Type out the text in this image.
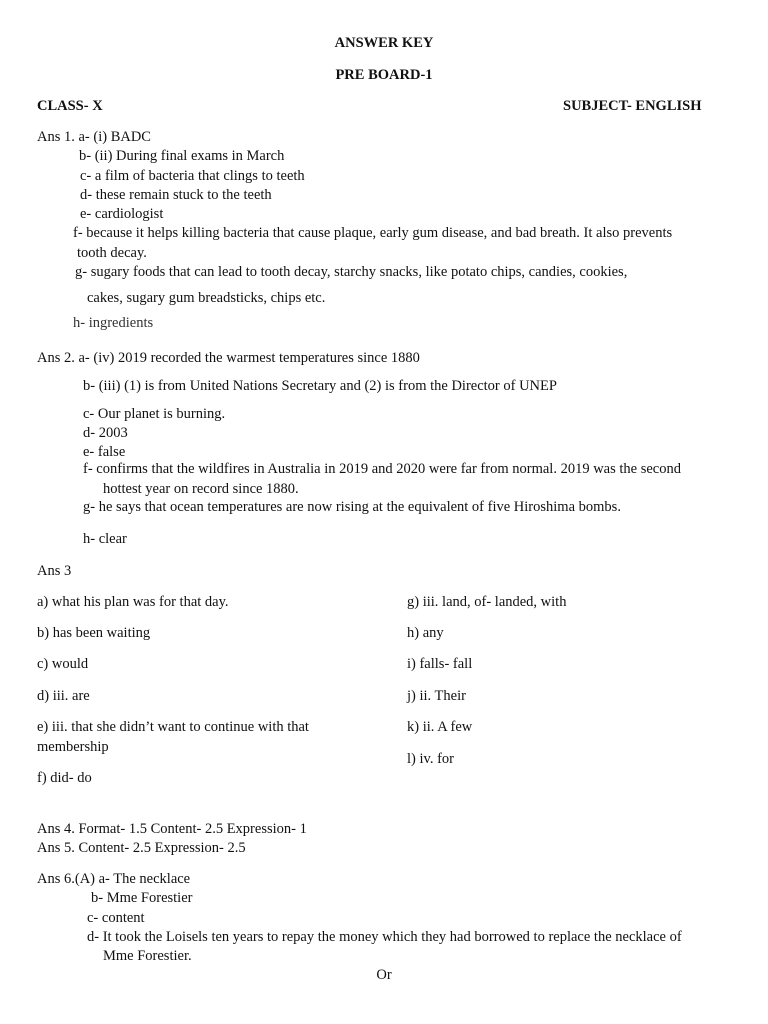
ANSWER KEY
PRE BOARD-1
CLASS- X	SUBJECT- ENGLISH
Ans 1. a- (i) BADC
b- (ii) During final exams in March
c- a film of bacteria that clings to teeth
d- these remain stuck to the teeth
e- cardiologist
f- because it helps killing bacteria that cause plaque, early gum disease, and bad breath. It also prevents
tooth decay.
g- sugary foods that can lead to tooth decay, starchy snacks, like potato chips, candies, cookies,
cakes, sugary gum breadsticks, chips etc.
h- ingredients
Ans 2. a- (iv) 2019 recorded the warmest temperatures since 1880
b- (iii) (1) is from United Nations Secretary and (2) is from the Director of UNEP
c- Our planet is burning.
d- 2003
e- false
f- confirms that the wildfires in Australia in 2019 and 2020 were far from normal. 2019 was the second
hottest year on record since 1880.
g- he says that ocean temperatures are now rising at the equivalent of five Hiroshima bombs.
h- clear
Ans 3
a) what his plan was for that day.
b) has been waiting
c) would
d) iii. are
e) iii. that she didn’t want to continue with that
membership
f) did- do
g) iii. land, of- landed, with
h) any
i) falls- fall
j) ii. Their
k) ii. A few
l) iv. for
Ans 4. Format- 1.5 Content- 2.5 Expression- 1
Ans 5. Content- 2.5 Expression- 2.5
Ans 6.(A) a- The necklace
b- Mme Forestier
c- content
d- It took the Loisels ten years to repay the money which they had borrowed to replace the necklace of
Mme Forestier.
Or
